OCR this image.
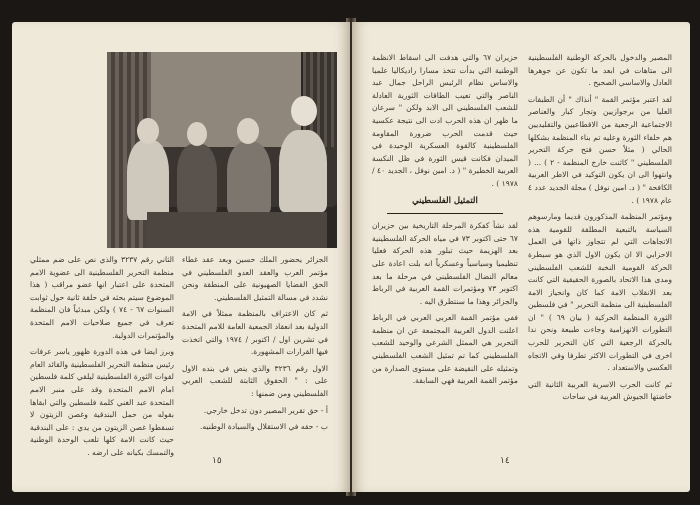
الجزائر يحضور الملك حسين وبعد عقد غطاء مؤتمر العرب والعقد العدو الفلسطيني في الحق القضايا الصهيونية على المنطقة ونحن نشدد في مسالة التمثيل الفلسطيني.

ثم كان الاعتراف بالمنظمة ممثلاً في الامة الدولية بعد انعقاد الجمعية العامة للامم المتحدة في تشرين اول / اكتوبر / ١٩٧٤ والتي اتخذت فيها القرارات المشهورة.

الاول رقم ٣٢٣٦ والذي ينص في بنده الاول على : " الحقوق الثابتة للشعب العربي الفلسطيني ومن ضمنها :

أ - حق تقرير المصير دون تدخل خارجي.

ب - حقه في الاستقلال والسيادة الوطنيه.

الثاني رقم ٣٢٣٧ والذي نص على ضم ممثلي منظمة التحرير الفلسطينية الى عضوية الامم المتحدة على اعتبار انها عضو مراقب ( هذا الموضوع سيتم بحثه في حلقة ثانية حول ثوابت السنوات ٦٧ - ٧٤ ) ولكن مبدئياً فان المنظمة تعرف في جميع صلاحيات الامم المتحدة والمؤتمرات الدولية.

وبرز ايضا في هذه الدورة ظهور ياسر عرفات رئيس منظمة التحرير الفلسطينية والقائد العام لقوات الثورة الفلسطينية ليلقي كلمة فلسطين امام الامم المتحدة وقد على منبر الامم المتحدة عبد الغني كلمة فلسطين والتي ابقاها بقوله من حمل البندقية وغصن الزيتون لا تسقطوا غصن الزيتون من يدي : على البندقية حيث كانت الامة كلها تلعب الوحدة الوطنية والتمسك بكيانه على ارضه .

١٥

المصير والدخول بالحركة الوطنية الفلسطينية الى متاهات في ابعد ما تكون عن جوهرها العادل والاساسي الصحيح .

لقد اعتبر مؤتمر القمة " أنذاك " أن الطبقات العليا من برجوازيين وتجار كبار والعناصر الاجتماعية الرجعية من الاقطاعيين والتقليديين هم حلفاء الثورة وعليه تم بناء المنظمة بشكلها الحالي ( مثلاً حسن فتح حركة التحرير الفلسطيني " كاثنت خارج المنظمة - ٢ ) ... ( وانتهوا الى ان يكون التوكيد في الاطر العربية الكافحة " ( د. امين نوفل ) مجلة الجديد عدد ٤ عام ١٩٧٨ ) .

ومؤتمر المنظمة المذكورون قديما ومارسوهم السياسة بالتبعية المطلقة للقومية هذه الاتجاهات التي لم تتجاوز ذاتها في العمل الاحزابي الا ان يكون الاول الذي هو سيطرة الحركة القومية النخبة للشعب الفلسطيني ومدى هذا الاتحاد بالصورة الحقيقية التي كانت بعد الانقلاب الامة كما كان وانحياز الامة الفلسطينية الى منظمة التحرير " في فلسطين الثورة المنظمة الحركية ( بيان ٦٩ ) " ان التطورات الانهزامية وجاءت طبيعة ونحن ندا بالحركة الرجعية التي كان التحرير للحرب اخرى في التطورات الاكثر تطرفا وفي الاتجاه العكسي والاستعداد .

ثم كانت الحرب الاسرية العربية الثانية التي خاضتها الجيوش العربية في ساحات

حزيران ٦٧ والتي هدفت الى اسقاط الانظمة الوطنية التي بدأت تتخذ مسارا راديكاليا علميا والاساس نظام الرئيس الراحل جمال عبد الناصر والتي تعيب الطاقات الثورية العادلة للشعب الفلسطيني الى الابد ولكن " سرعان ما ظهر ان هذه الحرب ادت الى نتيجة عكسية حيث قدمت الحرب ضرورة المقاومة الفلسطينية كالقوة العسكرية الوحيدة في الميدان فكانت قيس الثورة في ظل النكسة العربية الخطيرة " ( د. امين نوفل ، الجديد ٤٠ / ١٩٧٨ ) .

التمثيل الفلسطيني

لقد نشأ كفكرة المرحلة التاريخية بين حزيران ٦٧ حتى اكتوبر ٧٣ في مياه الحركة الفلسطينية بعد الهزيمة حيث تبلور هذه الحركة فعليا تنظيميا وسياسياً وعسكرياً انه بلت اعادة على معالم النضال الفلسطيني في مرحلة ما بعد اكتوبر ٧٣ ومؤتمرات القمة العربية في الرباط والجزائر وهذا ما سنتطرق اليه .

ففي مؤتمر القمة العربي العربي في الرباط اعلنت الدول العربية المجتمعة عن ان منظمة التحرير هي الممثل الشرعي والوحيد للشعب الفلسطيني كما تم تمثيل الشعب الفلسطيني وتمثيله على النقيضة على مستوى الصدارة من مؤتمر القمة العربية فهي السابقة.

١٤
